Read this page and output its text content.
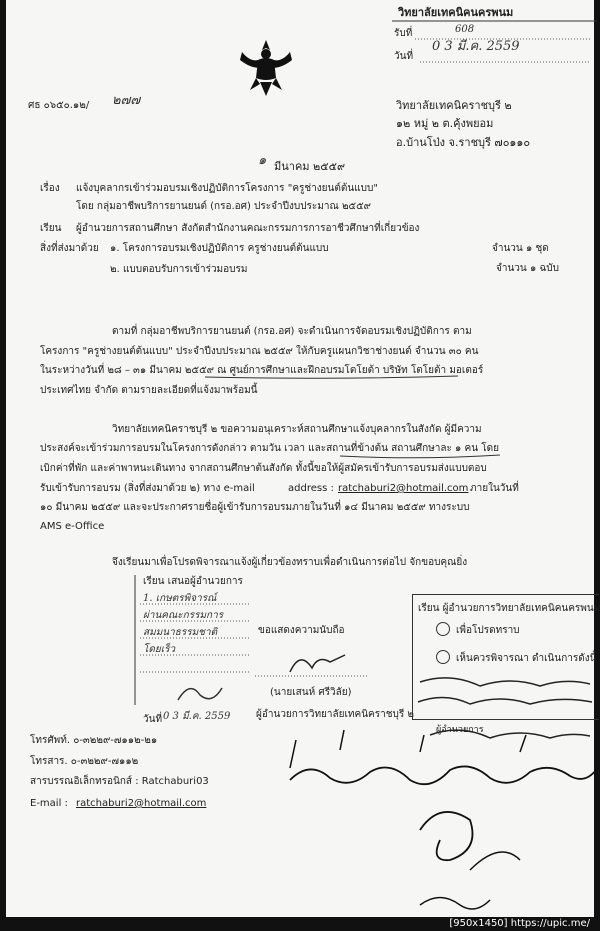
วิทยาลัยเทคนิคนครพนม
รับที่	608
วันที่
0 3 มี.ค. 2559
ศธ ๐๖๕๐.๑๒/ ๒๗๗	วิทยาลัยเทคนิคราชบุรี ๒
๑๒ หมู่ ๒ ต.คุ้งพยอม
อ.บ้านโป่ง จ.ราชบุรี ๗๐๑๑๐
๑ มีนาคม ๒๕๕๙
เรื่อง แจ้งบุคลากรเข้าร่วมอบรมเชิงปฏิบัติการโครงการ "ครูช่างยนต์ต้นแบบ"
โดย กลุ่มอาชีพบริการยานยนต์ (กรอ.อศ) ประจำปีงบประมาณ ๒๕๕๙
เรียน ผู้อำนวยการสถานศึกษา สังกัดสำนักงานคณะกรรมการการอาชีวศึกษาที่เกี่ยวข้อง
สิ่งที่ส่งมาด้วย ๑. โครงการอบรมเชิงปฏิบัติการ ครูช่างยนต์ต้นแบบ	จำนวน ๑ ชุด
๒. แบบตอบรับการเข้าร่วมอบรม	จำนวน ๑ ฉบับ
ตามที่ กลุ่มอาชีพบริการยานยนต์ (กรอ.อศ) จะดำเนินการจัดอบรมเชิงปฏิบัติการ ตาม
โครงการ "ครูช่างยนต์ต้นแบบ" ประจำปีงบประมาณ ๒๕๕๙ ให้กับครูแผนกวิชาช่างยนต์ จำนวน ๓๐ คน
ในระหว่างวันที่ ๒๘ – ๓๑ มีนาคม ๒๕๕๙ ณ ศูนย์การศึกษาและฝึกอบรมโตโยต้า บริษัท โตโยต้า มอเตอร์
ประเทศไทย จำกัด ตามรายละเอียดที่แจ้งมาพร้อมนี้
วิทยาลัยเทคนิคราชบุรี ๒ ขอความอนุเคราะห์สถานศึกษาแจ้งบุคลากรในสังกัด ผู้มีความ
ประสงค์จะเข้าร่วมการอบรมในโครงการดังกล่าว ตามวัน เวลา และสถานที่ข้างต้น สถานศึกษาละ ๑ คน โดย
เบิกค่าที่พัก และค่าพาหนะเดินทาง จากสถานศึกษาต้นสังกัด ทั้งนี้ขอให้ผู้สมัครเข้ารับการอบรมส่งแบบตอบ
รับเข้ารับการอบรม (สิ่งที่ส่งมาด้วย ๒) ทาง e-mail	address : ratchaburi2@hotmail.com ภายในวันที่
๑๐ มีนาคม ๒๕๕๙ และจะประกาศรายชื่อผู้เข้ารับการอบรมภายในวันที่ ๑๔ มีนาคม ๒๕๕๙ ทางระบบ
AMS e-Office
จึงเรียนมาเพื่อโปรดพิจารณาแจ้งผู้เกี่ยวข้องทราบเพื่อดำเนินการต่อไป จักขอบคุณยิ่ง
เรียน เสนอผู้อำนวยการ
1. เกษตรพิจารณ์
ผ่านคณะกรรมการ
สมมนาธรรมชาติ
โดยเร็ว
วันที่ 0 3 มี.ค. 2559
ขอแสดงความนับถือ
(นายเสนห์ ศรีวิลัย)
ผู้อำนวยการวิทยาลัยเทคนิคราชบุรี ๒
เรียน ผู้อำนวยการวิทยาลัยเทคนิคนครพนม
เพื่อโปรดทราบ
เห็นควรพิจารณา ดำเนินการดังนี้
ผู้อำนวยการ
โทรศัพท์. ๐-๓๒๒๙-๗๑๑๒-๒๑
โทรสาร. ๐-๓๒๒๙-๗๑๑๒
สารบรรณอิเล็กทรอนิกส์ : Ratchaburi03
E-mail : ratchaburi2@hotmail.com
[950x1450] https://upic.me/
